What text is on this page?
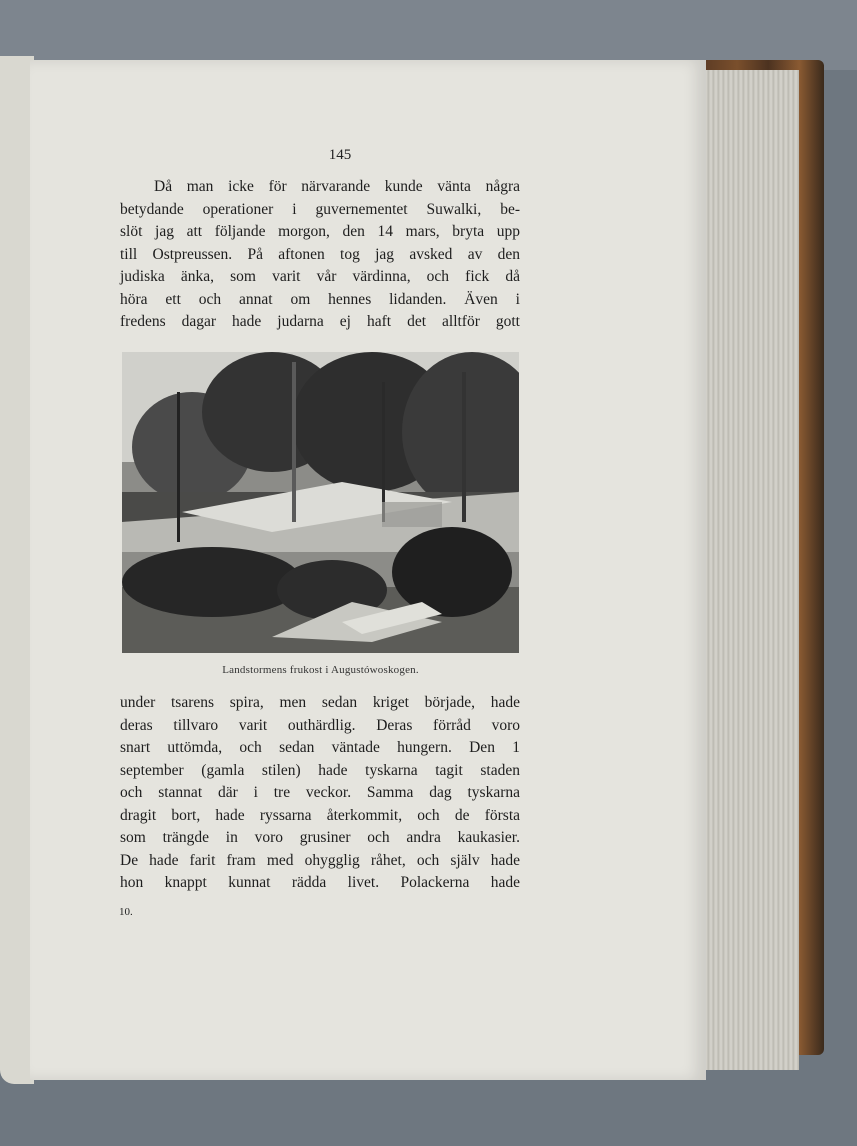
145

Då man icke för närvarande kunde vänta några
betydande operationer i guvernementet Suwalki, be-
slöt jag att följande morgon, den 14 mars, bryta upp
till Ostpreussen. På aftonen tog jag avsked av den
judiska änka, som varit vår värdinna, och fick då
höra ett och annat om hennes lidanden. Även i
fredens dagar hade judarna ej haft det alltför gott

Landstormens frukost i Augustówoskogen.

under tsarens spira, men sedan kriget började, hade
deras tillvaro varit outhärdlig. Deras förråd voro
snart uttömda, och sedan väntade hungern. Den 1
september (gamla stilen) hade tyskarna tagit staden
och stannat där i tre veckor. Samma dag tyskarna
dragit bort, hade ryssarna återkommit, och de första
som trängde in voro grusiner och andra kaukasier.
De hade farit fram med ohygglig råhet, och själv hade
hon knappt kunnat rädda livet. Polackerna hade

10.
